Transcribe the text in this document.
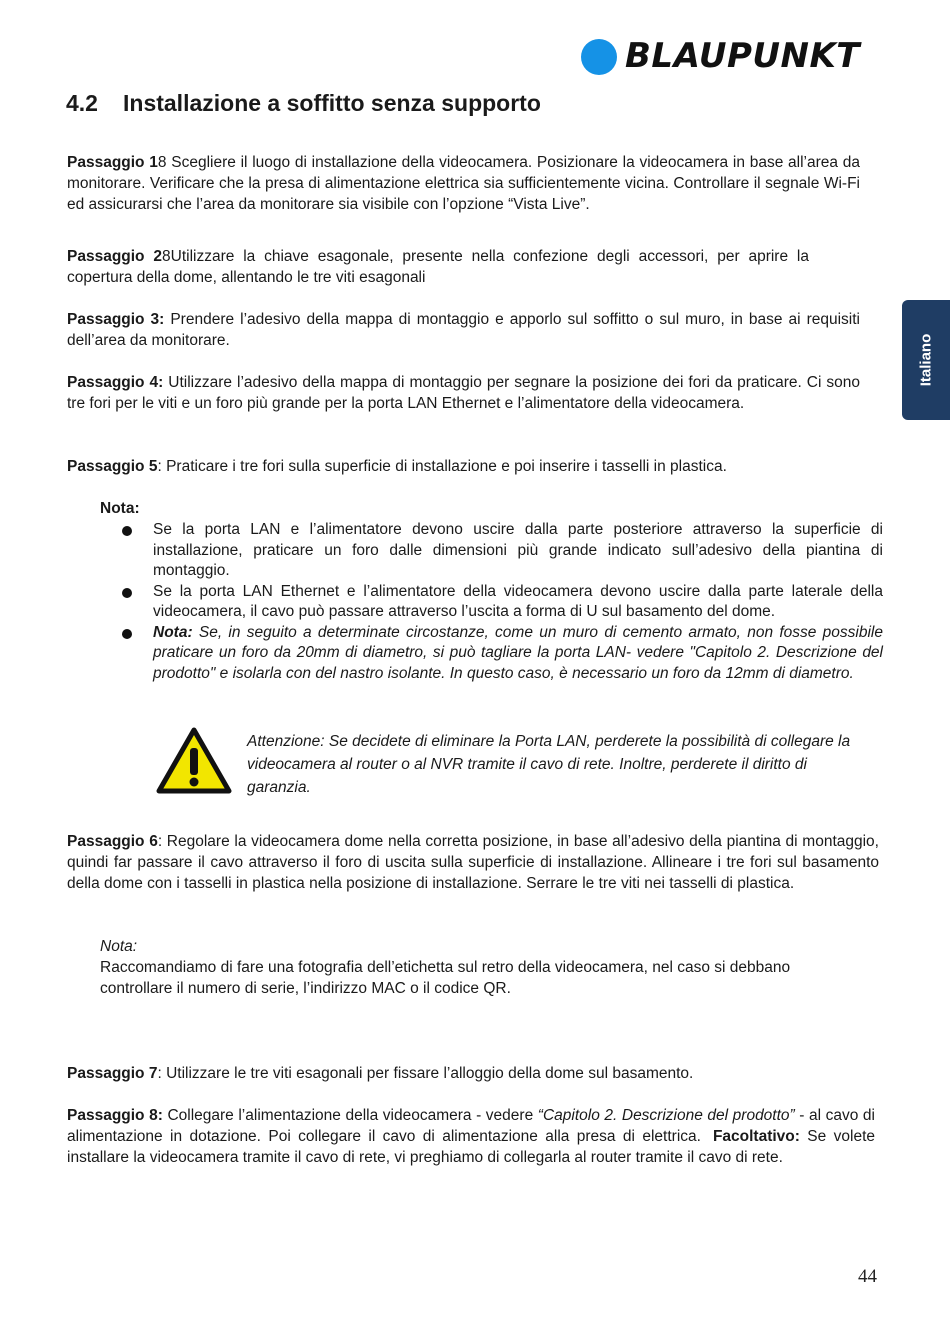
BLAUPUNKT
Italiano
4.2 Installazione a soffitto senza supporto

Passaggio 18 Scegliere il luogo di installazione della videocamera. Posizionare la videocamera in base all’area da monitorare. Verificare che la presa di alimentazione elettrica sia sufficientemente vicina. Controllare il segnale Wi-Fi ed assicurarsi che l’area da monitorare sia visibile con l’opzione “Vista Live”.

Passaggio 28Utilizzare la chiave esagonale, presente nella confezione degli accessori, per aprire la copertura della dome, allentando le tre viti esagonali

Passaggio 3: Prendere l’adesivo della mappa di montaggio e apporlo sul soffitto o sul muro, in base ai requisiti dell’area da monitorare.

Passaggio 4: Utilizzare l’adesivo della mappa di montaggio per segnare la posizione dei fori da praticare. Ci sono tre fori per le viti e un foro più grande per la porta LAN Ethernet e l’alimentatore della videocamera.

Passaggio 5: Praticare i tre fori sulla superficie di installazione e poi inserire i tasselli in plastica.

Nota:

Se la porta LAN e l’alimentatore devono uscire dalla parte posteriore attraverso la superficie di installazione, praticare un foro dalle dimensioni più grande indicato sull’adesivo della piantina di montaggio.
Se la porta LAN Ethernet e l’alimentatore della videocamera devono uscire dalla parte laterale della videocamera, il cavo può passare attraverso l’uscita a forma di U sul basamento del dome.
Nota: Se, in seguito a determinate circostanze, come un muro di cemento armato, non fosse possibile praticare un foro da 20mm di diametro, si può tagliare la porta LAN- vedere "Capitolo 2. Descrizione del prodotto" e isolarla con del nastro isolante. In questo caso, è necessario un foro da 12mm di diametro.

Attenzione: Se decidete di eliminare la Porta LAN, perderete la possibilità di collegare la videocamera al router o al NVR tramite il cavo di rete. Inoltre, perderete il diritto di garanzia.

Passaggio 6: Regolare la videocamera dome nella corretta posizione, in base all’adesivo della piantina di montaggio, quindi far passare il cavo attraverso il foro di uscita sulla superficie di installazione. Allineare i tre fori sul basamento della dome con i tasselli in plastica nella posizione di installazione. Serrare le tre viti nei tasselli di plastica.

Nota:
Raccomandiamo di fare una fotografia dell’etichetta sul retro della videocamera, nel caso si debbano controllare il numero di serie, l’indirizzo MAC o il codice QR.

Passaggio 7: Utilizzare le tre viti esagonali per fissare l’alloggio della dome sul basamento.

Passaggio 8: Collegare l’alimentazione della videocamera - vedere “Capitolo 2. Descrizione del prodotto” - al cavo di alimentazione in dotazione. Poi collegare il cavo di alimentazione alla presa di elettrica. Facoltativo: Se volete installare la videocamera tramite il cavo di rete, vi preghiamo di collegarla al router tramite il cavo di rete.

44
